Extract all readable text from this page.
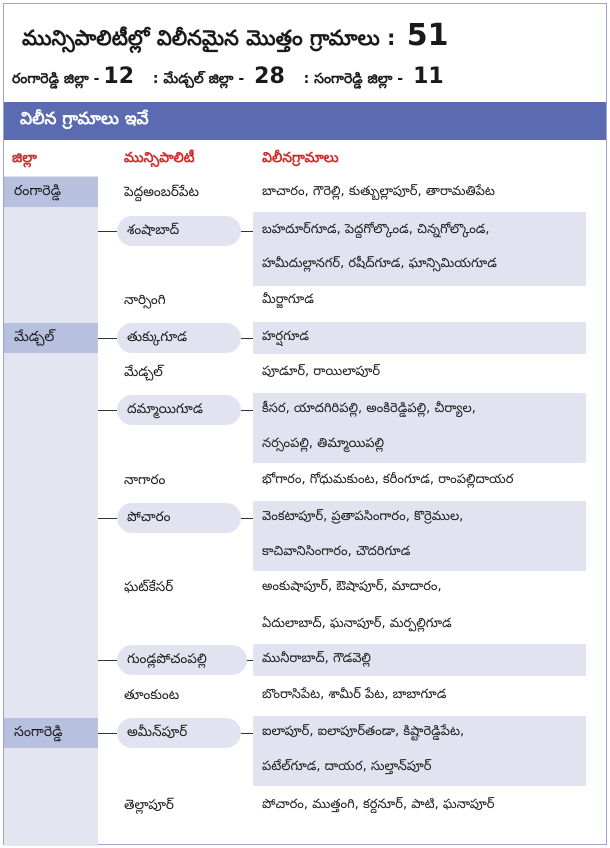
మున్సిపాలిటీల్లో విలీనమైన మొత్తం గ్రామాలు : 51
రంగారెడ్డి జిల్లా - 12 : మేడ్చల్ జిల్లా - 28 : సంగారెడ్డి జిల్లా - 11
విలీన గ్రామాలు ఇవే
జిల్లా	మున్సిపాలిటీ	విలీనగ్రామాలు
రంగారెడ్డి
మేడ్చల్
సంగారెడ్డి
పెద్దఅంబర్‌పేట
శంషాబాద్
నార్సింగి
తుక్కుగూడ
మేడ్చల్
దమ్మాయిగూడ
నాగారం
పోచారం
ఘట్‌కేసర్
గుండ్లపోచంపల్లి
తూంకుంట
అమీన్‌పూర్
తెల్లాపూర్
బాచారం, గౌరెల్లి, కుత్బుల్లాపూర్, తారామతిపేట
బహదూర్‌గూడ, పెద్దగోల్కొండ, చిన్నగోల్కొండ,
హమీదుల్లానగర్, రషీద్‌గూడ, ఘాన్సిమియగూడ
మీర్జాగూడ
హర్షగూడ
పూడూర్, రాయిలాపూర్
కీసర, యాదగిరిపల్లి, అంకిరెడ్డిపల్లి, చీర్యాల,
నర్సంపల్లి, తిమ్మాయిపల్లి
భోగారం, గోధుమకుంట, కరీంగూడ, రాంపల్లిదాయర
వెంకటాపూర్, ప్రతాపసింగారం, కొర్రెముల,
కాచివానిసింగారం, చౌదరిగూడ
అంకుషాపూర్, ఔషాపూర్, మాదారం,
ఏదులాబాద్, ఘనాపూర్, మర్పల్లిగూడ
మునీరాబాద్, గౌడవెల్లి
బొంరాసిపేట, శామీర్ పేట, బాబాగూడ
ఐలాపూర్, ఐలాపూర్‌తండా, కిష్టారెడ్డిపేట,
పటేల్‌గూడ, దాయర, సుల్తాన్‌పూర్
పోచారం, ముత్తంగి, కర్దనూర్, పాటి, ఘనాపూర్
